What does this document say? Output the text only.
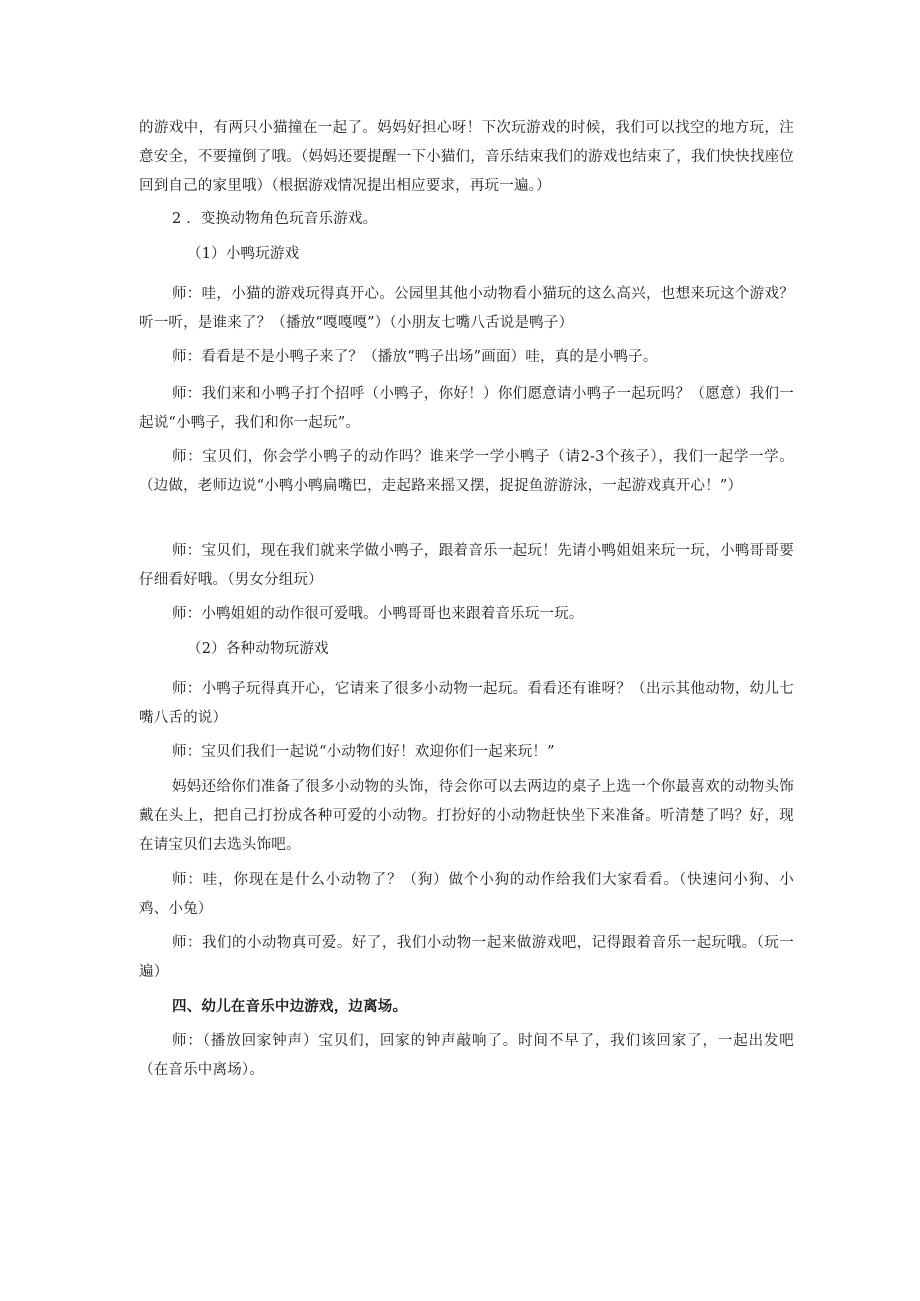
的游戏中，有两只小猫撞在一起了。妈妈好担心呀！下次玩游戏的时候，我们可以找空的地方玩，注意安全，不要撞倒了哦。（妈妈还要提醒一下小猫们，音乐结束我们的游戏也结束了，我们快快找座位回到自己的家里哦）（根据游戏情况提出相应要求，再玩一遍。）

2 ．变换动物角色玩音乐游戏。

（1）小鸭玩游戏

师：哇，小猫的游戏玩得真开心。公园里其他小动物看小猫玩的这么高兴，也想来玩这个游戏？听一听，是谁来了？（播放“嘎嘎嘎”）（小朋友七嘴八舌说是鸭子）

师：看看是不是小鸭子来了？（播放“鸭子出场”画面）哇，真的是小鸭子。

师：我们来和小鸭子打个招呼（小鸭子，你好！）你们愿意请小鸭子一起玩吗？（愿意）我们一起说“小鸭子，我们和你一起玩”。

师：宝贝们，你会学小鸭子的动作吗？谁来学一学小鸭子（请2-3个孩子），我们一起学一学。（边做，老师边说“小鸭小鸭扁嘴巴，走起路来摇又摆，捉捉鱼游游泳，一起游戏真开心！”）

师：宝贝们，现在我们就来学做小鸭子，跟着音乐一起玩！先请小鸭姐姐来玩一玩，小鸭哥哥要仔细看好哦。（男女分组玩）

师：小鸭姐姐的动作很可爱哦。小鸭哥哥也来跟着音乐玩一玩。

（2）各种动物玩游戏

师：小鸭子玩得真开心，它请来了很多小动物一起玩。看看还有谁呀？（出示其他动物，幼儿七嘴八舌的说）

师：宝贝们我们一起说“小动物们好！欢迎你们一起来玩！”

妈妈还给你们准备了很多小动物的头饰，待会你可以去两边的桌子上选一个你最喜欢的动物头饰戴在头上，把自己打扮成各种可爱的小动物。打扮好的小动物赶快坐下来准备。听清楚了吗？好，现在请宝贝们去选头饰吧。

师：哇，你现在是什么小动物了？（狗）做个小狗的动作给我们大家看看。（快速问小狗、小鸡、小兔）

师：我们的小动物真可爱。好了，我们小动物一起来做游戏吧，记得跟着音乐一起玩哦。（玩一遍）

四、幼儿在音乐中边游戏，边离场。

师：（播放回家钟声）宝贝们，回家的钟声敲响了。时间不早了，我们该回家了，一起出发吧（在音乐中离场）。
